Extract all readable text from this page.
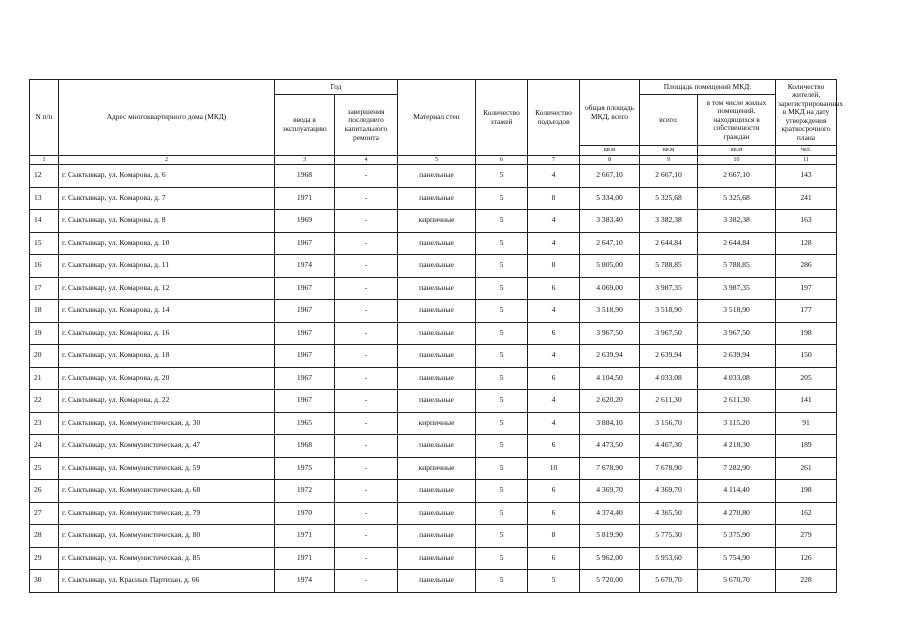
N п/п	Адрес многоквартирного дома (МКД)	Год		Материал стен	Количество этажей	Количество подъездов	общая площадь МКД, всего	Площадь помещений МКД:		Количество жителей, зарегистрированных в МКД на дату утверждения краткосрочного плана
		ввода в эксплуатацию	завершения последнего капитального ремонта					всего:	в том числе жилых помещений, находящихся в собственности граждан	
							кв.м	кв.м	кв.м	чел.
1	2	3	4	5	6	7	8	9	10	11
12	г. Сыктывкар, ул. Комарова, д. 6	1968	-	панельные	5	4	2 667,10	2 667,10	2 667,10	143
13	г. Сыктывкар, ул. Комарова, д. 7	1971	-	панельные	5	8	5 334,00	5 325,68	5 325,68	241
14	г. Сыктывкар, ул. Комарова, д. 8	1969	-	кирпичные	5	4	3 383,40	3 382,38	3 382,38	163
15	г. Сыктывкар, ул. Комарова, д. 10	1967	-	панельные	5	4	2 647,10	2 644,84	2 644,84	128
16	г. Сыктывкар, ул. Комарова, д. 11	1974	-	панельные	5	8	5 805,00	5 788,85	5 788,85	286
17	г. Сыктывкар, ул. Комарова, д. 12	1967	-	панельные	5	6	4 069,00	3 987,35	3 987,35	197
18	г. Сыктывкар, ул. Комарова, д. 14	1967	-	панельные	5	4	3 518,90	3 518,90	3 518,90	177
19	г. Сыктывкар, ул. Комарова, д. 16	1967	-	панельные	5	6	3 967,50	3 967,50	3 967,50	198
20	г. Сыктывкар, ул. Комарова, д. 18	1967	-	панельные	5	4	2 639,94	2 639,94	2 639,94	150
21	г. Сыктывкар, ул. Комарова, д. 20	1967	-	панельные	5	6	4 104,50	4 033,08	4 033,08	205
22	г. Сыктывкар, ул. Комарова, д. 22	1967	-	панельные	5	4	2 620,20	2 611,30	2 611,30	141
23	г. Сыктывкар, ул. Коммунистическая, д. 30	1965	-	кирпичные	5	4	3 884,10	3 156,70	3 115,20	91
24	г. Сыктывкар, ул. Коммунистическая, д. 47	1968	-	панельные	5	6	4 473,50	4 467,30	4 218,30	189
25	г. Сыктывкар, ул. Коммунистическая, д. 59	1975	-	кирпичные	5	10	7 678,90	7 678,90	7 282,90	261
26	г. Сыктывкар, ул. Коммунистическая, д. 68	1972	-	панельные	5	6	4 369,70	4 369,70	4 114,40	198
27	г. Сыктывкар, ул. Коммунистическая, д. 79	1970	-	панельные	5	6	4 374,40	4 365,50	4 270,80	162
28	г. Сыктывкар, ул. Коммунистическая, д. 80	1971	-	панельные	5	8	5 819,90	5 775,30	5 375,90	279
29	г. Сыктывкар, ул. Коммунистическая, д. 85	1971	-	панельные	5	6	5 962,00	5 953,60	5 754,90	126
30	г. Сыктывкар, ул. Красных Партизан, д. 66	1974	-	панельные	5	5	5 720,00	5 670,70	5 670,70	228
